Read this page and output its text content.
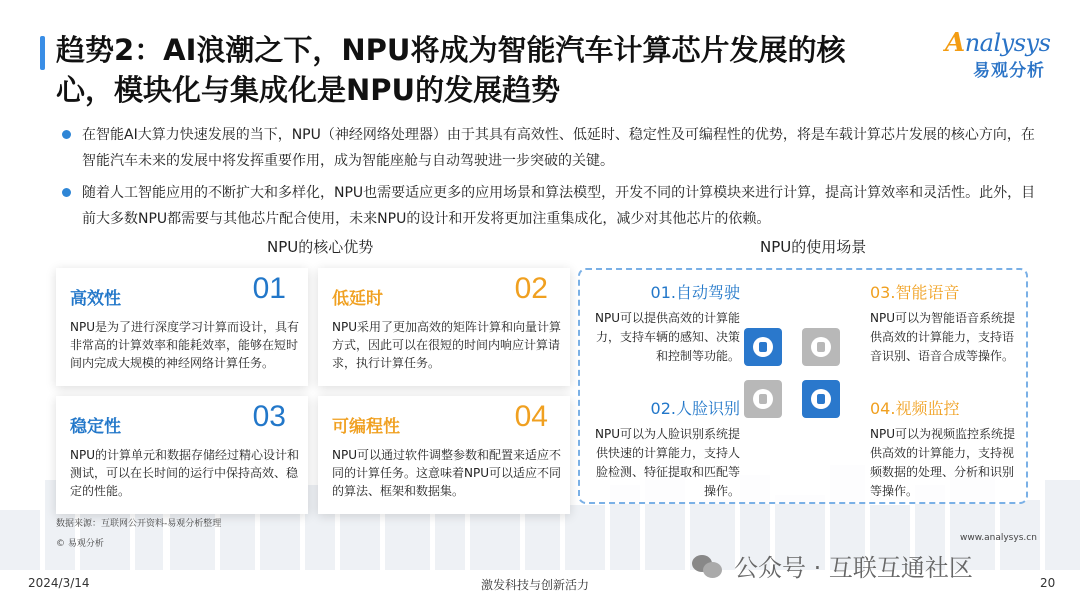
趋势2：AI浪潮之下，NPU将成为智能汽车计算芯片发展的核
心，模块化与集成化是NPU的发展趋势
Analysys
易观分析
在智能AI大算力快速发展的当下，NPU（神经网络处理器）由于其具有高效性、低延时、稳定性及可编程性的优势，将是车载计算芯片发展的核心方向，在智能汽车未来的发展中将发挥重要作用，成为智能座舱与自动驾驶进一步突破的关键。
随着人工智能应用的不断扩大和多样化，NPU也需要适应更多的应用场景和算法模型，开发不同的计算模块来进行计算，提高计算效率和灵活性。此外，目前大多数NPU都需要与其他芯片配合使用，未来NPU的设计和开发将更加注重集成化，减少对其他芯片的依赖。
NPU的核心优势	NPU的使用场景
高效性	01
NPU是为了进行深度学习计算而设计，具有非常高的计算效率和能耗效率，能够在短时间内完成大规模的神经网络计算任务。
低延时	02
NPU采用了更加高效的矩阵计算和向量计算方式，因此可以在很短的时间内响应计算请求，执行计算任务。
稳定性	03
NPU的计算单元和数据存储经过精心设计和测试，可以在长时间的运行中保持高效、稳定的性能。
可编程性	04
NPU可以通过软件调整参数和配置来适应不同的计算任务。这意味着NPU可以适应不同的算法、框架和数据集。
01.自动驾驶
NPU可以提供高效的计算能力，支持车辆的感知、决策和控制等功能。
03.智能语音
NPU可以为智能语音系统提供高效的计算能力，支持语音识别、语音合成等操作。
02.人脸识别
NPU可以为人脸识别系统提供快速的计算能力，支持人脸检测、特征提取和匹配等操作。
04.视频监控
NPU可以为视频监控系统提供高效的计算能力，支持视频数据的处理、分析和识别等操作。
数据来源：互联网公开资料-易观分析整理
© 易观分析
www.analysys.cn
公众号 · 互联互通社区
2024/3/14	激发科技与创新活力	20
